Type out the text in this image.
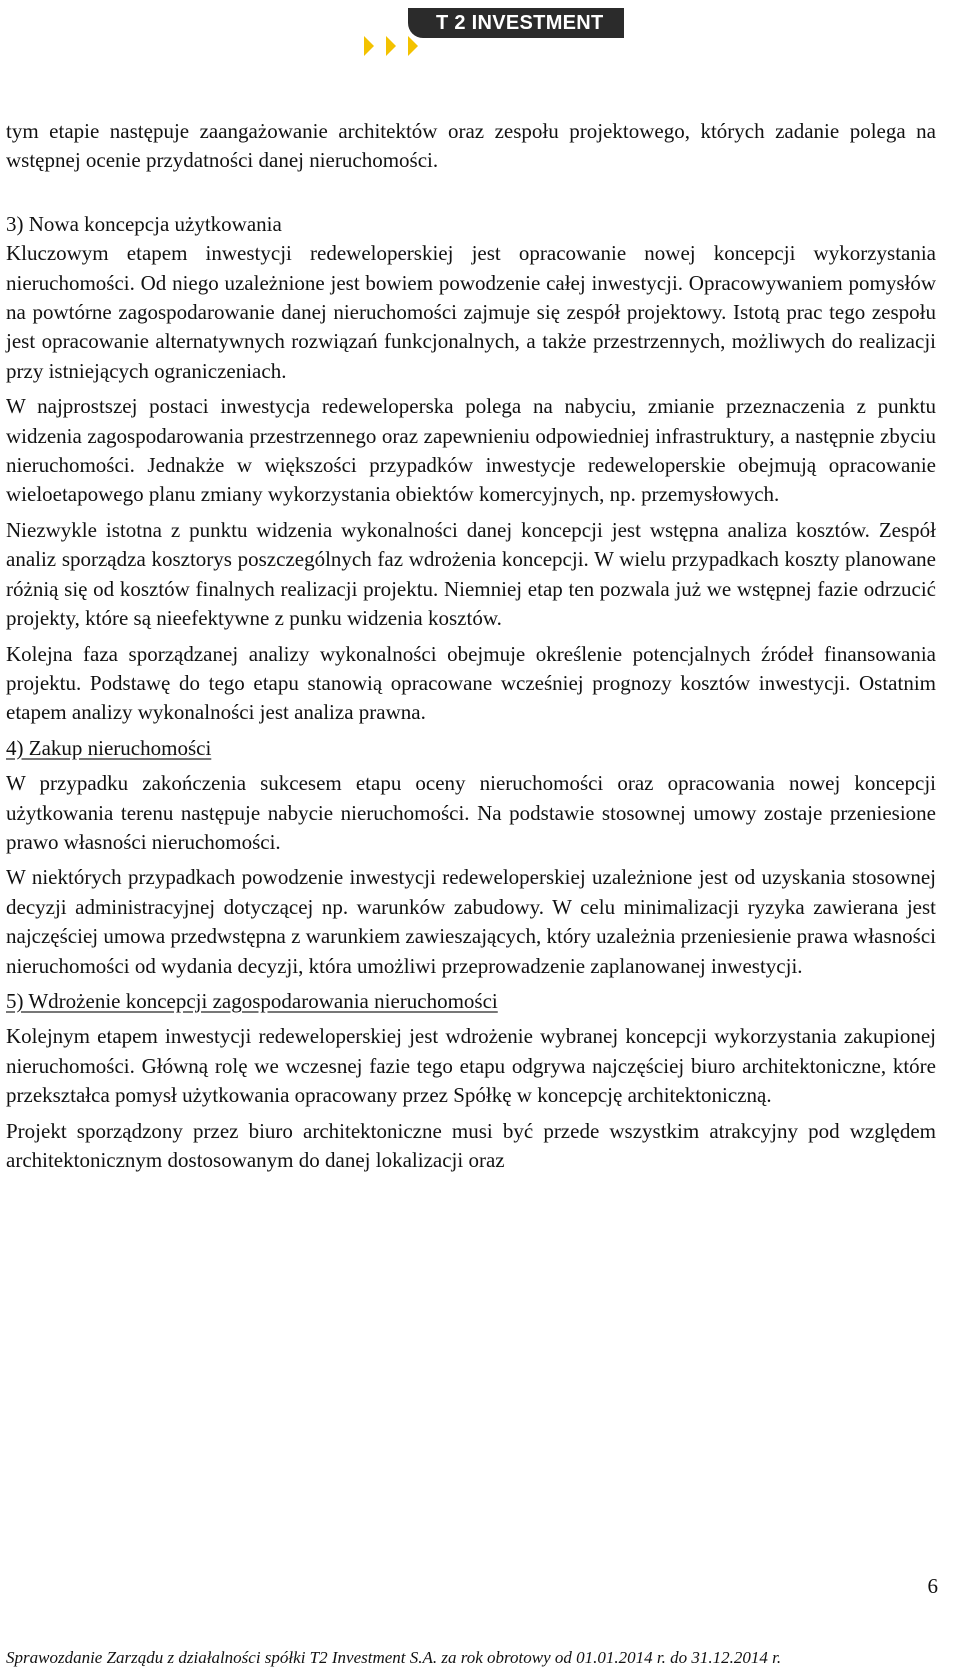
T 2 INVESTMENT

tym etapie następuje zaangażowanie architektów oraz zespołu projektowego, których zadanie polega na wstępnej ocenie przydatności danej nieruchomości.

3) Nowa koncepcja użytkowania

Kluczowym etapem inwestycji redeweloperskiej jest opracowanie nowej koncepcji wykorzystania nieruchomości. Od niego uzależnione jest bowiem powodzenie całej inwestycji. Opracowywaniem pomysłów na powtórne zagospodarowanie danej nieruchomości zajmuje się zespół projektowy. Istotą prac tego zespołu jest opracowanie alternatywnych rozwiązań funkcjonalnych, a także przestrzennych, możliwych do realizacji przy istniejących ograniczeniach.

W najprostszej postaci inwestycja redeweloperska polega na nabyciu, zmianie przeznaczenia z punktu widzenia zagospodarowania przestrzennego oraz zapewnieniu odpowiedniej infrastruktury, a następnie zbyciu nieruchomości. Jednakże w większości przypadków inwestycje redeweloperskie obejmują opracowanie wieloetapowego planu zmiany wykorzystania obiektów komercyjnych, np. przemysłowych.

Niezwykle istotna z punktu widzenia wykonalności danej koncepcji jest wstępna analiza kosztów. Zespół analiz sporządza kosztorys poszczególnych faz wdrożenia koncepcji. W wielu przypadkach koszty planowane różnią się od kosztów finalnych realizacji projektu. Niemniej etap ten pozwala już we wstępnej fazie odrzucić projekty, które są nieefektywne z punku widzenia kosztów.

Kolejna faza sporządzanej analizy wykonalności obejmuje określenie potencjalnych źródeł finansowania projektu. Podstawę do tego etapu stanowią opracowane wcześniej prognozy kosztów inwestycji. Ostatnim etapem analizy wykonalności jest analiza prawna.

4) Zakup nieruchomości

W przypadku zakończenia sukcesem etapu oceny nieruchomości oraz opracowania nowej koncepcji użytkowania terenu następuje nabycie nieruchomości. Na podstawie stosownej umowy zostaje przeniesione prawo własności nieruchomości.

W niektórych przypadkach powodzenie inwestycji redeweloperskiej uzależnione jest od uzyskania stosownej decyzji administracyjnej dotyczącej np. warunków zabudowy. W celu minimalizacji ryzyka zawierana jest najczęściej umowa przedwstępna z warunkiem zawieszających, który uzależnia przeniesienie prawa własności nieruchomości od wydania decyzji, która umożliwi przeprowadzenie zaplanowanej inwestycji.

5) Wdrożenie koncepcji zagospodarowania nieruchomości

Kolejnym etapem inwestycji redeweloperskiej jest wdrożenie wybranej koncepcji wykorzystania zakupionej nieruchomości. Główną rolę we wczesnej fazie tego etapu odgrywa najczęściej biuro architektoniczne, które przekształca pomysł użytkowania opracowany przez Spółkę w koncepcję architektoniczną.

Projekt sporządzony przez biuro architektoniczne musi być przede wszystkim atrakcyjny pod względem architektonicznym dostosowanym do danej lokalizacji oraz

6
Sprawozdanie Zarządu z działalności spółki T2 Investment S.A. za rok obrotowy od 01.01.2014 r. do 31.12.2014 r.
